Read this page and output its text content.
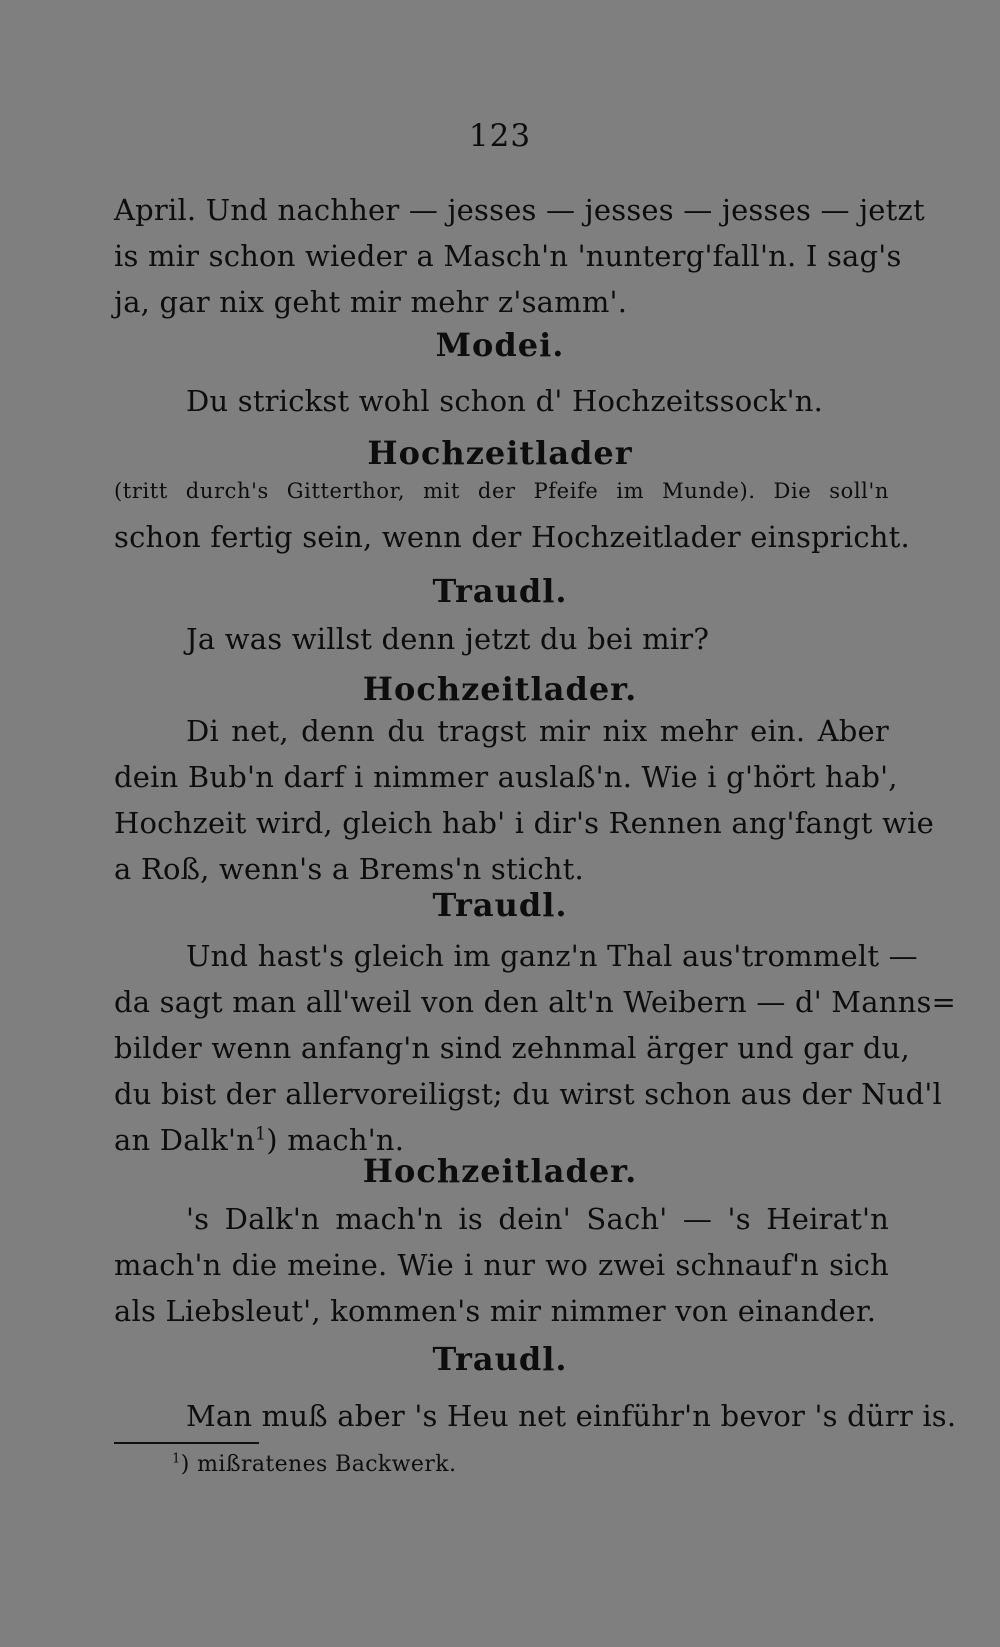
123
April. Und nachher — jesses — jesses — jesses — jetzt
is mir schon wieder a Masch'n 'nunterg'fall'n. I sag's
ja, gar nix geht mir mehr z'samm'.
Modei.
Du strickst wohl schon d' Hochzeitssock'n.
Hochzeitlader
(tritt durch's Gitterthor, mit der Pfeife im Munde). Die soll'n
schon fertig sein, wenn der Hochzeitlader einspricht.
Traudl.
Ja was willst denn jetzt du bei mir?
Hochzeitlader.
Di net, denn du tragst mir nix mehr ein. Aber
dein Bub'n darf i nimmer auslaß'n. Wie i g'hört hab',
Hochzeit wird, gleich hab' i dir's Rennen ang'fangt wie
a Roß, wenn's a Brems'n sticht.
Traudl.
Und hast's gleich im ganz'n Thal aus'trommelt —
da sagt man all'weil von den alt'n Weibern — d' Manns=
bilder wenn anfang'n sind zehnmal ärger und gar du,
du bist der allervoreiligst; du wirst schon aus der Nud'l
an $Dalk'n^1$) mach'n.
Hochzeitlader.
's Dalk'n mach'n is dein' Sach' — 's Heirat'n
mach'n die meine. Wie i nur wo zwei schnauf'n sich
als Liebsleut', kommen's mir nimmer von einander.
Traudl.
Man muß aber 's Heu net einführ'n bevor 's dürr is.
$^1$) mißratenes Backwerk.
